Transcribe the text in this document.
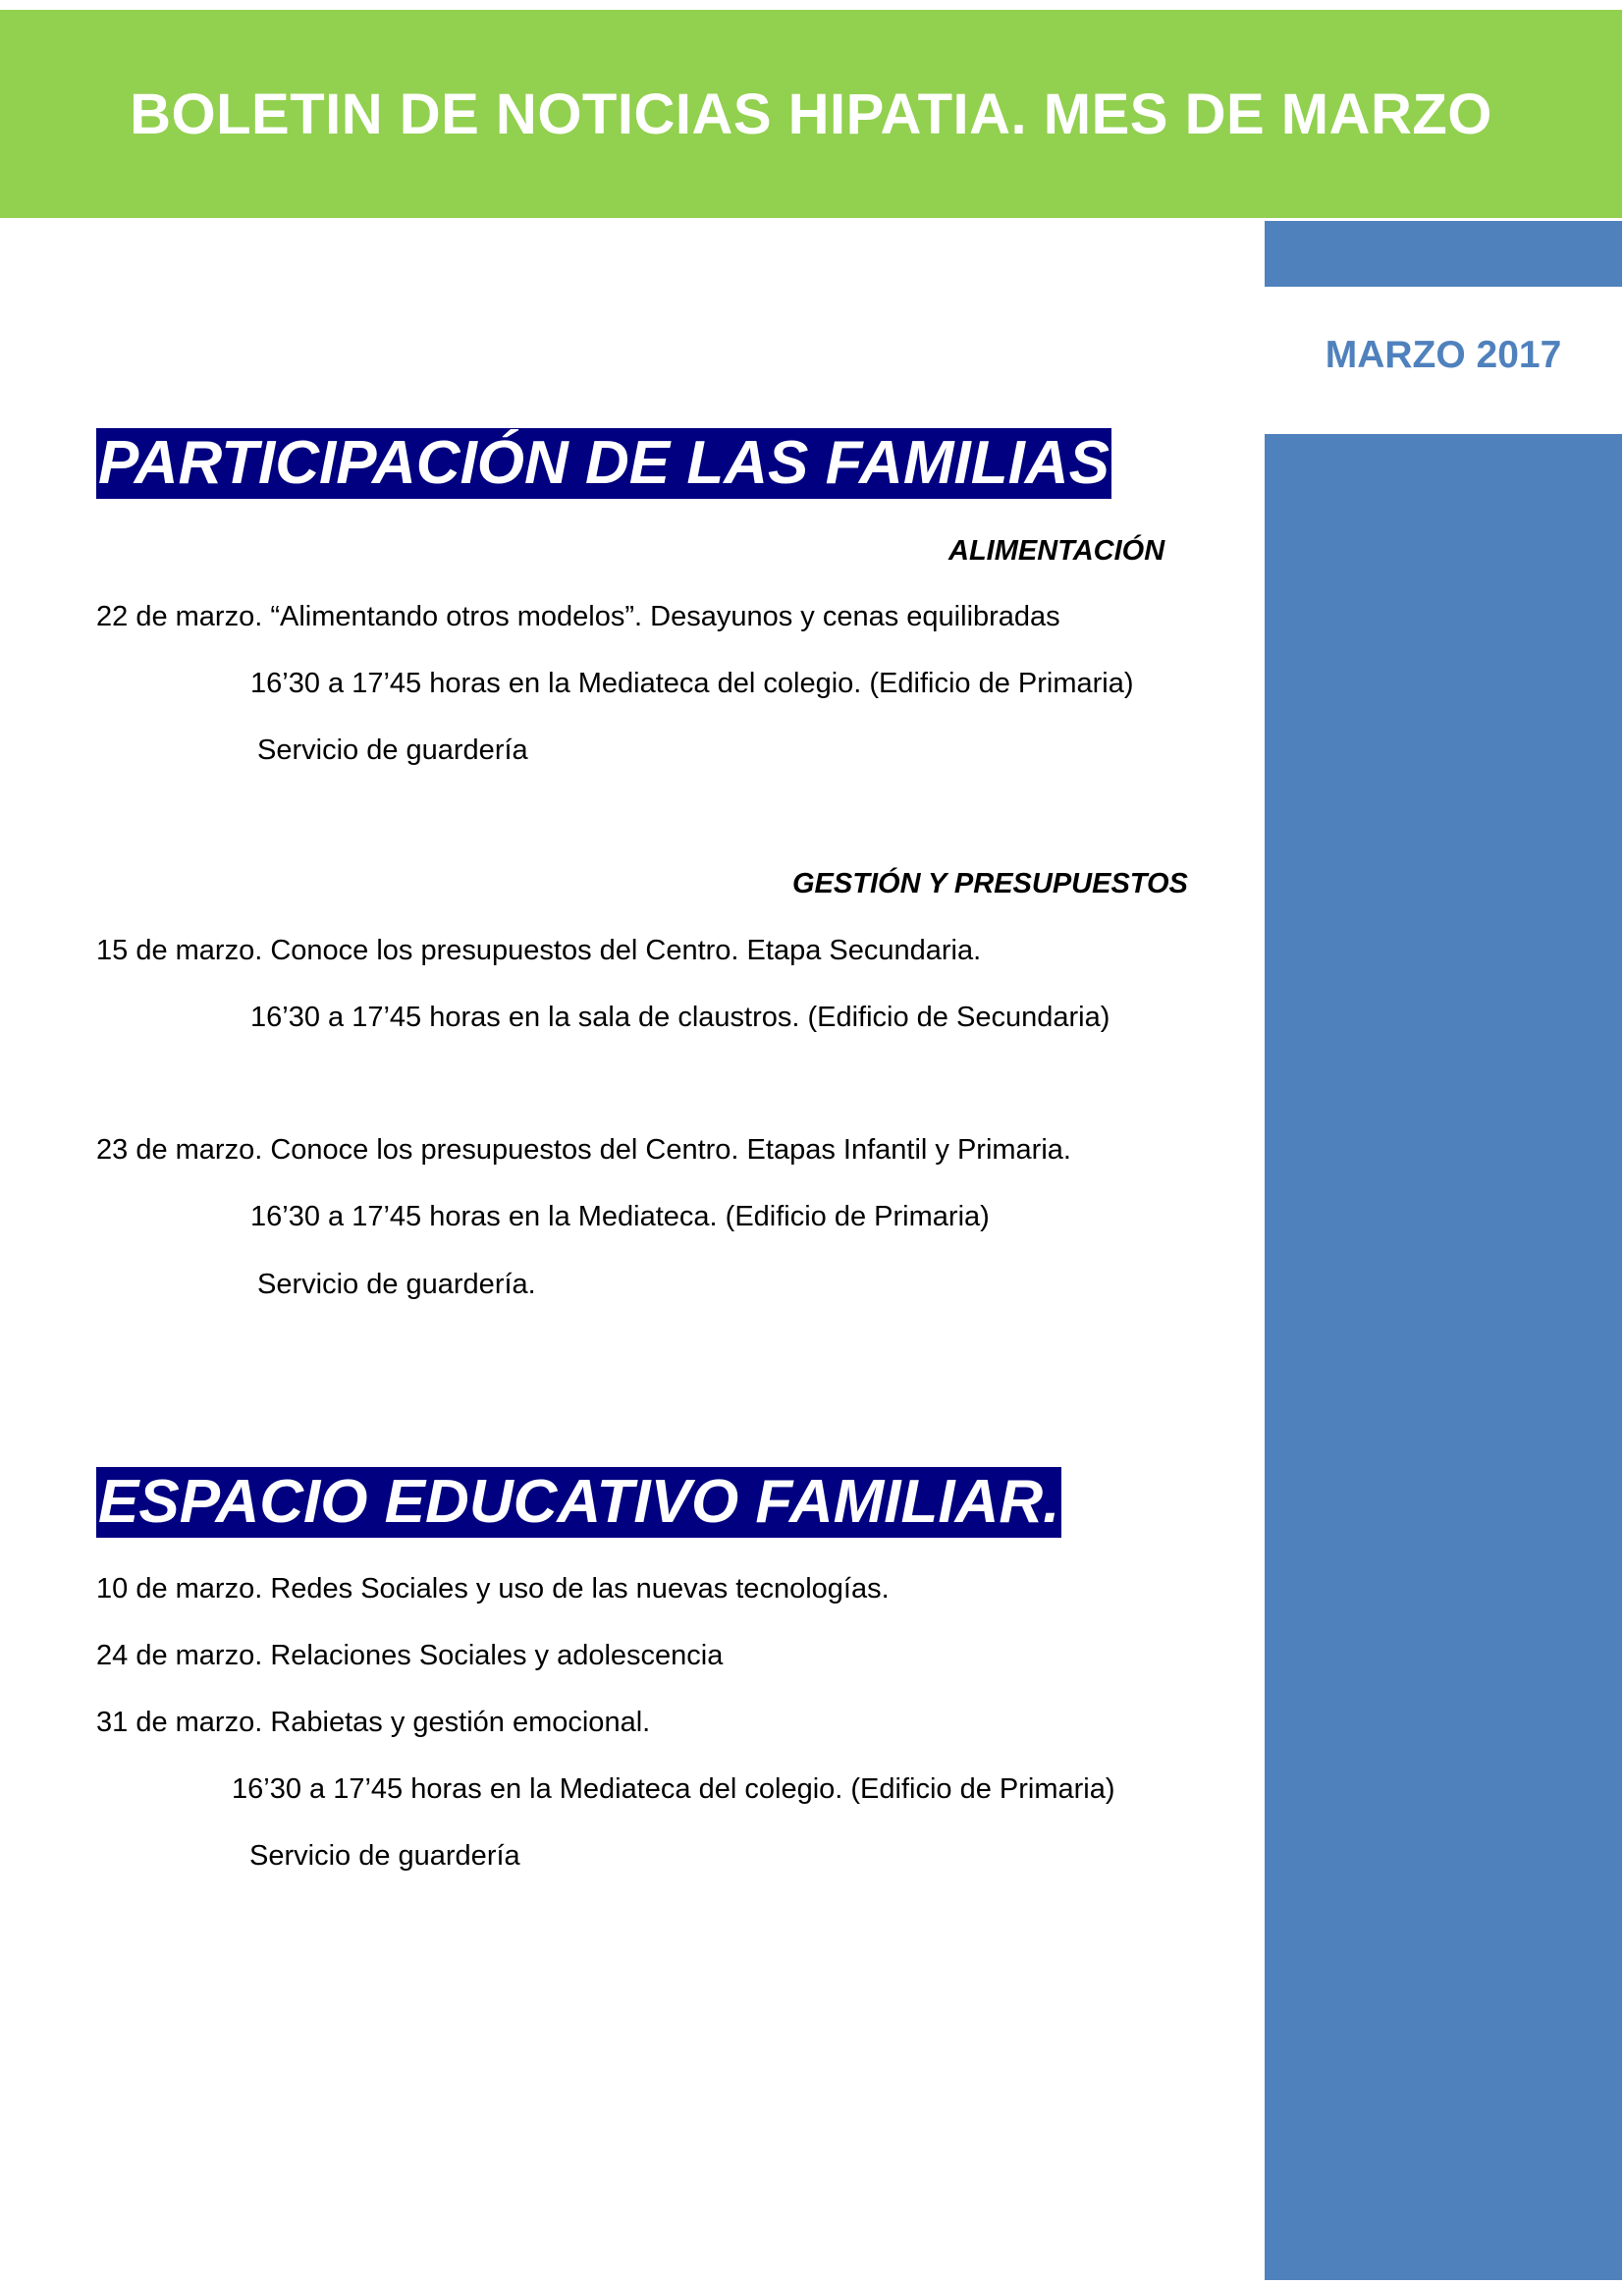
BOLETIN DE NOTICIAS HIPATIA. MES DE MARZO
MARZO 2017
PARTICIPACIÓN DE LAS FAMILIAS
ALIMENTACIÓN

22 de marzo. “Alimentando otros modelos”. Desayunos y cenas equilibradas

16’30 a 17’45 horas en la Mediateca del colegio. (Edificio de Primaria)

Servicio de guardería

GESTIÓN Y PRESUPUESTOS

15 de marzo. Conoce los presupuestos del Centro. Etapa Secundaria.

16’30 a 17’45 horas en la sala de claustros. (Edificio de Secundaria)

23 de marzo. Conoce los presupuestos del Centro. Etapas Infantil y Primaria.

16’30 a 17’45 horas en la Mediateca. (Edificio de Primaria)

Servicio de guardería.

ESPACIO EDUCATIVO FAMILIAR.

10 de marzo. Redes Sociales y uso de las nuevas tecnologías.

24 de marzo. Relaciones Sociales y adolescencia

31 de marzo. Rabietas y gestión emocional.

16’30 a 17’45 horas en la Mediateca del colegio. (Edificio de Primaria)

Servicio de guardería
